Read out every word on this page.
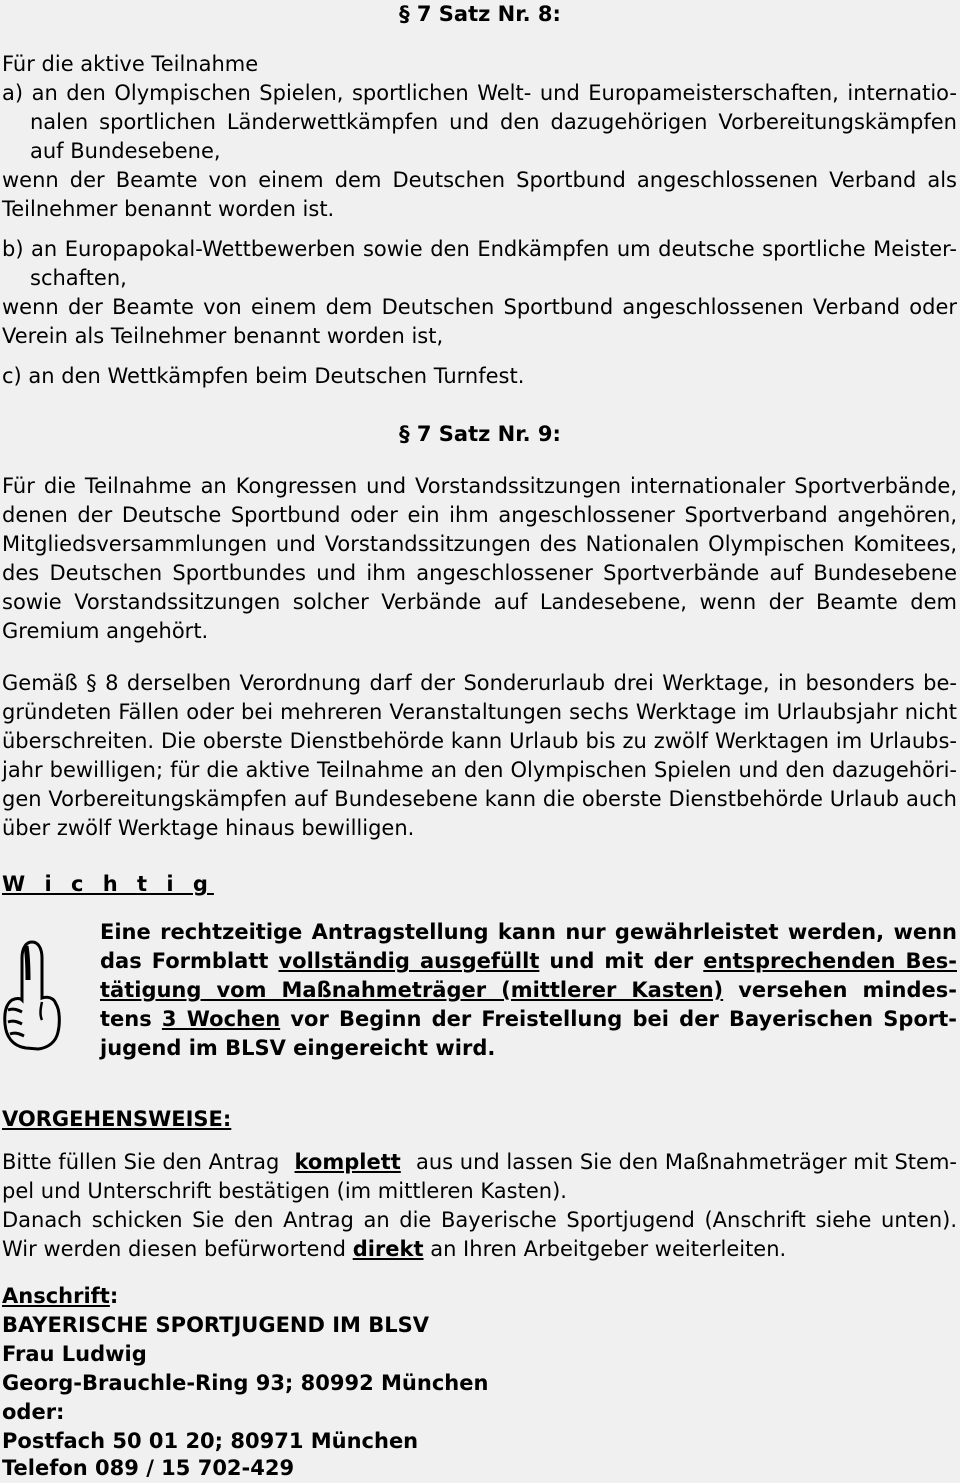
§ 7 Satz Nr. 8:
Für die aktive Teilnahme
a) an den Olympischen Spielen, sportlichen Welt- und Europameisterschaften, internatio-
nalen sportlichen Länderwettkämpfen und den dazugehörigen Vorbereitungskämpfen
auf Bundesebene,
wenn der Beamte von einem dem Deutschen Sportbund angeschlossenen Verband als
Teilnehmer benannt worden ist.
b) an Europapokal-Wettbewerben sowie den Endkämpfen um deutsche sportliche Meister-
schaften,
wenn der Beamte von einem dem Deutschen Sportbund angeschlossenen Verband oder
Verein als Teilnehmer benannt worden ist,
c) an den Wettkämpfen beim Deutschen Turnfest.
§ 7 Satz Nr. 9:
Für die Teilnahme an Kongressen und Vorstandssitzungen internationaler Sportverbände,
denen der Deutsche Sportbund oder ein ihm angeschlossener Sportverband angehören,
Mitgliedsversammlungen und Vorstandssitzungen des Nationalen Olympischen Komitees,
des Deutschen Sportbundes und ihm angeschlossener Sportverbände auf Bundesebene
sowie Vorstandssitzungen solcher Verbände auf Landesebene, wenn der Beamte dem
Gremium angehört.
Gemäß § 8 derselben Verordnung darf der Sonderurlaub drei Werktage, in besonders be-
gründeten Fällen oder bei mehreren Veranstaltungen sechs Werktage im Urlaubsjahr nicht
überschreiten. Die oberste Dienstbehörde kann Urlaub bis zu zwölf Werktagen im Urlaubs-
jahr bewilligen; für die aktive Teilnahme an den Olympischen Spielen und den dazugehöri-
gen Vorbereitungskämpfen auf Bundesebene kann die oberste Dienstbehörde Urlaub auch
über zwölf Werktage hinaus bewilligen.
W i c h t i g
Eine rechtzeitige Antragstellung kann nur gewährleistet werden, wenn
das Formblatt vollständig ausgefüllt und mit der entsprechenden Bes-
tätigung vom Maßnahmeträger (mittlerer Kasten) versehen mindes-
tens 3 Wochen vor Beginn der Freistellung bei der Bayerischen Sport-
jugend im BLSV eingereicht wird.
VORGEHENSWEISE:
Bitte füllen Sie den Antrag komplett aus und lassen Sie den Maßnahmeträger mit Stem-
pel und Unterschrift bestätigen (im mittleren Kasten).
Danach schicken Sie den Antrag an die Bayerische Sportjugend (Anschrift siehe unten).
Wir werden diesen befürwortend direkt an Ihren Arbeitgeber weiterleiten.
Anschrift:
BAYERISCHE SPORTJUGEND IM BLSV
Frau Ludwig
Georg-Brauchle-Ring 93; 80992 München
oder:
Postfach 50 01 20; 80971 München
Telefon 089 / 15 702-429
